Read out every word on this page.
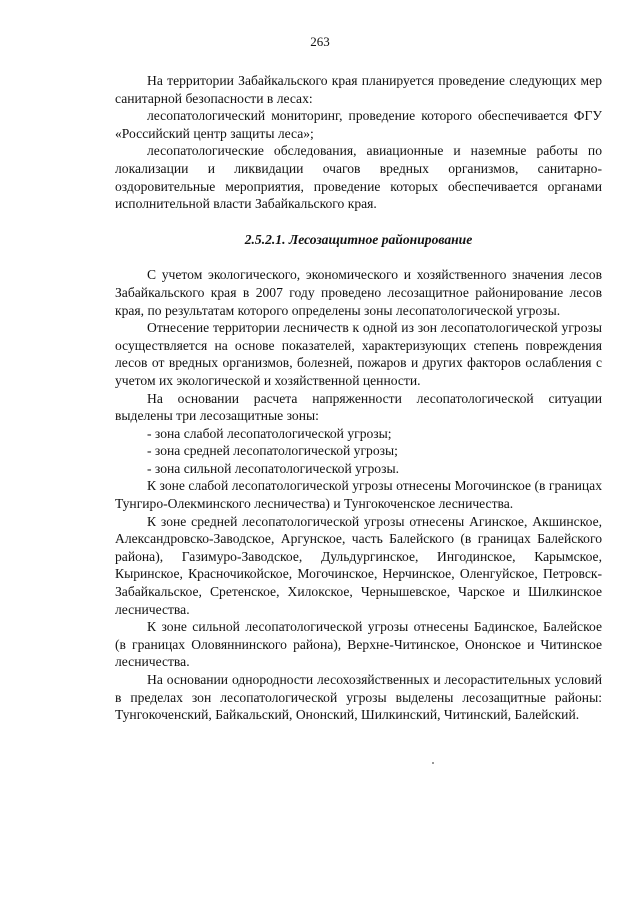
263

На территории Забайкальского края планируется проведение следующих мер санитарной безопасности в лесах:

лесопатологический мониторинг, проведение которого обеспечивается ФГУ «Российский центр защиты леса»;

лесопатологические обследования, авиационные и наземные работы по локализации и ликвидации очагов вредных организмов, санитарно-оздоровительные мероприятия, проведение которых обеспечивается органами исполнительной власти Забайкальского края.

2.5.2.1. Лесозащитное районирование

С учетом экологического, экономического и хозяйственного значения лесов Забайкальского края в 2007 году проведено лесозащитное районирование лесов края, по результатам которого определены зоны лесопатологической угрозы.

Отнесение территории лесничеств к одной из зон лесопатологической угрозы осуществляется на основе показателей, характеризующих степень повреждения лесов от вредных организмов, болезней, пожаров и других факторов ослабления с учетом их экологической и хозяйственной ценности.

На основании расчета напряженности лесопатологической ситуации выделены три лесозащитные зоны:

- зона слабой лесопатологической угрозы;

- зона средней лесопатологической угрозы;

- зона сильной лесопатологической угрозы.

К зоне слабой лесопатологической угрозы отнесены Могочинское (в границах Тунгиро-Олекминского лесничества) и Тунгокоченское лесничества.

К зоне средней лесопатологической угрозы отнесены Агинское, Акшинское, Александровско-Заводское, Аргунское, часть Балейского (в границах Балейского района), Газимуро-Заводское, Дульдургинское, Ингодинское, Карымское, Кыринское, Красночикойское, Могочинское, Нерчинское, Оленгуйское, Петровск-Забайкальское, Сретенское, Хилокское, Чернышевское, Чарское и Шилкинское лесничества.

К зоне сильной лесопатологической угрозы отнесены Бадинское, Балейское (в границах Оловяннинского района), Верхне-Читинское, Ононское и Читинское лесничества.

На основании однородности лесохозяйственных и лесорастительных условий в пределах зон лесопатологической угрозы выделены лесозащитные районы: Тунгокоченский, Байкальский, Ононский, Шилкинский, Читинский, Балейский.
